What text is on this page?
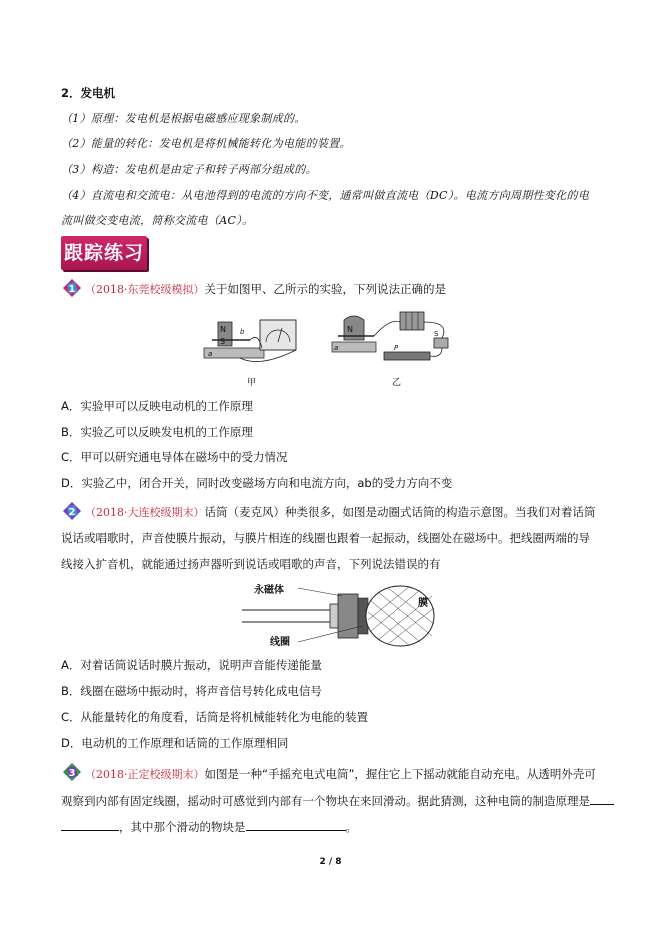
2．发电机
（1）原理：发电机是根据电磁感应现象制成的。
（2）能量的转化：发电机是将机械能转化为电能的装置。
（3）构造：发电机是由定子和转子两部分组成的。
（4）直流电和交流电：从电池得到的电流的方向不变，通常叫做直流电（DC）。电流方向周期性变化的电
流叫做交变电流，简称交流电（AC）。
跟踪练习
1 （2018·东莞校级模拟）关于如图甲、乙所示的实验，下列说法正确的是
N
S
a
b
甲
N
P
S
a
乙
A．实验甲可以反映电动机的工作原理
B．实验乙可以反映发电机的工作原理
C．甲可以研究通电导体在磁场中的受力情况
D．实验乙中，闭合开关，同时改变磁场方向和电流方向，ab的受力方向不变
2 （2018·大连校级期末）话筒（麦克风）种类很多，如图是动圈式话筒的构造示意图。当我们对着话筒
说话或唱歌时，声音使膜片振动，与膜片相连的线圈也跟着一起振动，线圈处在磁场中。把线圈两端的导
线接入扩音机，就能通过扬声器听到说话或唱歌的声音，下列说法错误的有
永磁体
膜
线圈
A．对着话筒说话时膜片振动，说明声音能传递能量
B．线圈在磁场中振动时，将声音信号转化成电信号
C．从能量转化的角度看，话筒是将机械能转化为电能的装置
D．电动机的工作原理和话筒的工作原理相同
3 （2018·正定校级期末）如图是一种“手摇充电式电筒”，握住它上下摇动就能自动充电。从透明外壳可
观察到内部有固定线圈，摇动时可感觉到内部有一个物块在来回滑动。据此猜测，这种电筒的制造原理是
，其中那个滑动的物块是	。
2 / 8
